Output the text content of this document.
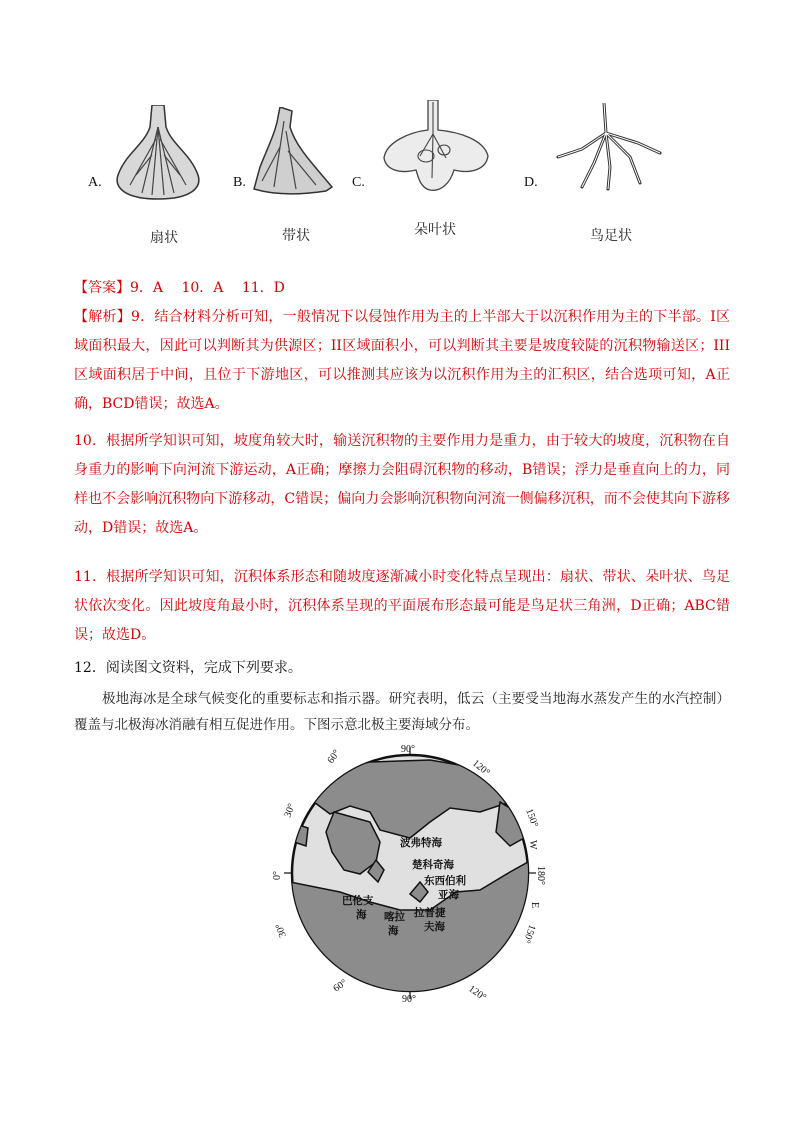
A.
扇状
B.
带状
C.
朵叶状
D.
鸟足状
【答案】9．A　 10．A　 11．D
【解析】9．结合材料分析可知，一般情况下以侵蚀作用为主的上半部大于以沉积作用为主的下半部。I区域面积最大，因此可以判断其为供源区；II区域面积小，可以判断其主要是坡度较陡的沉积物输送区；III区域面积居于中间，且位于下游地区，可以推测其应该为以沉积作用为主的汇积区，结合选项可知，A正确，BCD错误；故选A。
10．根据所学知识可知，坡度角较大时，输送沉积物的主要作用力是重力，由于较大的坡度，沉积物在自身重力的影响下向河流下游运动，A正确；摩擦力会阻碍沉积物的移动，B错误；浮力是垂直向上的力，同样也不会影响沉积物向下游移动，C错误；偏向力会影响沉积物向河流一侧偏移沉积，而不会使其向下游移动，D错误；故选A。
11．根据所学知识可知，沉积体系形态和随坡度逐渐减小时变化特点呈现出：扇状、带状、朵叶状、鸟足状依次变化。因此坡度角最小时，沉积体系呈现的平面展布形态最可能是鸟足状三角洲，D正确；ABC错误；故选D。
12．阅读图文资料，完成下列要求。
极地海冰是全球气候变化的重要标志和指示器。研究表明，低云（主要受当地海水蒸发产生的水汽控制）覆盖与北极海冰消融有相互促进作用。下图示意北极主要海域分布。
90°
60°
120°
30°
0°
30°
150°
180°
150°
60°
90°	120°
W
E
波弗特海
楚科奇海
东西伯利
亚海
巴伦支
海 喀拉
海
拉普捷
夫海
